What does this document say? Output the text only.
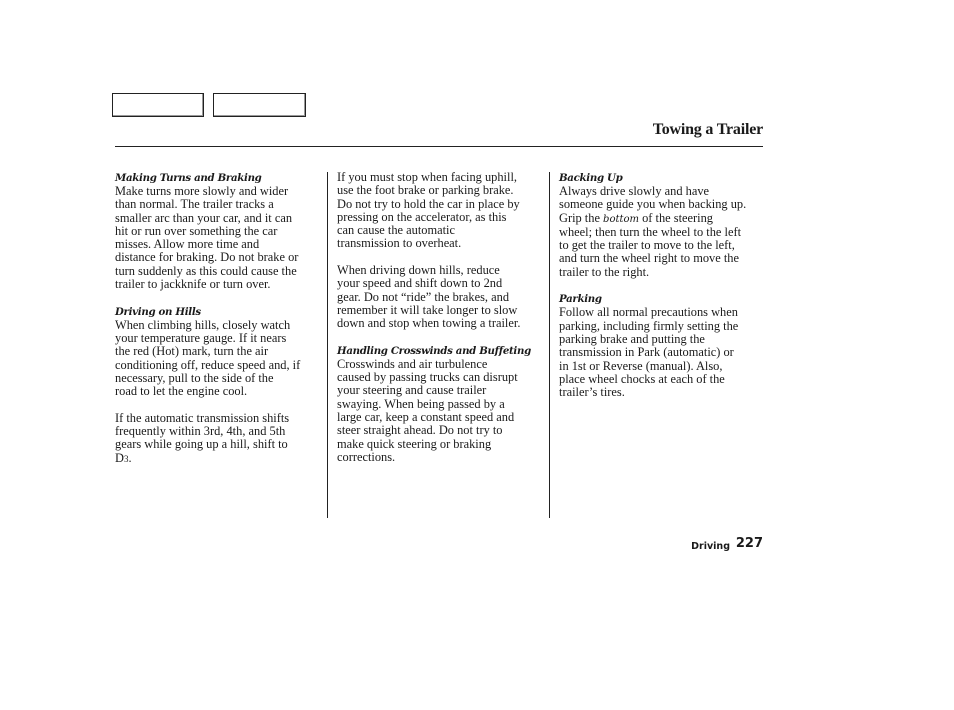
Towing a Trailer
Making Turns and Braking
Make turns more slowly and wider
than normal. The trailer tracks a
smaller arc than your car, and it can
hit or run over something the car
misses. Allow more time and
distance for braking. Do not brake or
turn suddenly as this could cause the
trailer to jackknife or turn over.
Driving on Hills
When climbing hills, closely watch
your temperature gauge. If it nears
the red (Hot) mark, turn the air
conditioning off, reduce speed and, if
necessary, pull to the side of the
road to let the engine cool.
If the automatic transmission shifts
frequently within 3rd, 4th, and 5th
gears while going up a hill, shift to
D3.
If you must stop when facing uphill,
use the foot brake or parking brake.
Do not try to hold the car in place by
pressing on the accelerator, as this
can cause the automatic
transmission to overheat.
When driving down hills, reduce
your speed and shift down to 2nd
gear. Do not “ride” the brakes, and
remember it will take longer to slow
down and stop when towing a trailer.
Handling Crosswinds and Buffeting
Crosswinds and air turbulence
caused by passing trucks can disrupt
your steering and cause trailer
swaying. When being passed by a
large car, keep a constant speed and
steer straight ahead. Do not try to
make quick steering or braking
corrections.
Backing Up
Always drive slowly and have
someone guide you when backing up.
Grip the bottom of the steering
wheel; then turn the wheel to the left
to get the trailer to move to the left,
and turn the wheel right to move the
trailer to the right.
Parking
Follow all normal precautions when
parking, including firmly setting the
parking brake and putting the
transmission in Park (automatic) or
in 1st or Reverse (manual). Also,
place wheel chocks at each of the
trailer’s tires.
Driving 227
